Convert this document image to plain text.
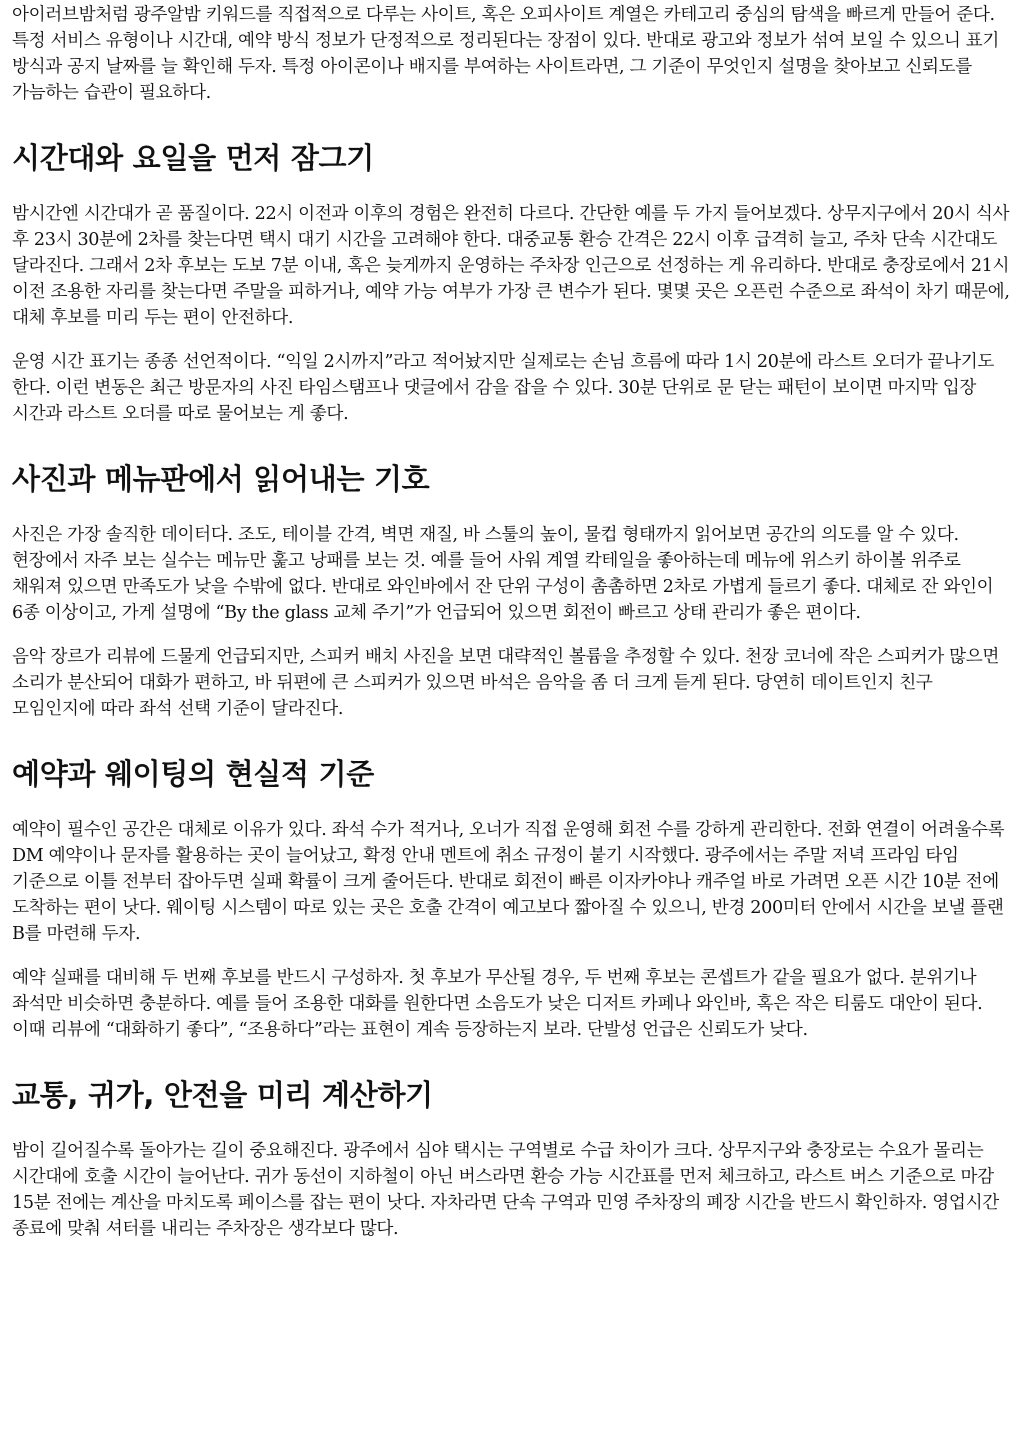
아이러브밤처럼 광주알밤 키워드를 직접적으로 다루는 사이트, 혹은 오피사이트 계열은 카테고리 중심의 탐색을 빠르게 만들어 준다. 특정 서비스 유형이나 시간대, 예약 방식 정보가 단정적으로 정리된다는 장점이 있다. 반대로 광고와 정보가 섞여 보일 수 있으니 표기 방식과 공지 날짜를 늘 확인해 두자. 특정 아이콘이나 배지를 부여하는 사이트라면, 그 기준이 무엇인지 설명을 찾아보고 신뢰도를 가늠하는 습관이 필요하다.

시간대와 요일을 먼저 잠그기

밤시간엔 시간대가 곧 품질이다. 22시 이전과 이후의 경험은 완전히 다르다. 간단한 예를 두 가지 들어보겠다. 상무지구에서 20시 식사 후 23시 30분에 2차를 찾는다면 택시 대기 시간을 고려해야 한다. 대중교통 환승 간격은 22시 이후 급격히 늘고, 주차 단속 시간대도 달라진다. 그래서 2차 후보는 도보 7분 이내, 혹은 늦게까지 운영하는 주차장 인근으로 선정하는 게 유리하다. 반대로 충장로에서 21시 이전 조용한 자리를 찾는다면 주말을 피하거나, 예약 가능 여부가 가장 큰 변수가 된다. 몇몇 곳은 오픈런 수준으로 좌석이 차기 때문에, 대체 후보를 미리 두는 편이 안전하다.

운영 시간 표기는 종종 선언적이다. “익일 2시까지”라고 적어놨지만 실제로는 손님 흐름에 따라 1시 20분에 라스트 오더가 끝나기도 한다. 이런 변동은 최근 방문자의 사진 타임스탬프나 댓글에서 감을 잡을 수 있다. 30분 단위로 문 닫는 패턴이 보이면 마지막 입장 시간과 라스트 오더를 따로 물어보는 게 좋다.

사진과 메뉴판에서 읽어내는 기호

사진은 가장 솔직한 데이터다. 조도, 테이블 간격, 벽면 재질, 바 스툴의 높이, 물컵 형태까지 읽어보면 공간의 의도를 알 수 있다. 현장에서 자주 보는 실수는 메뉴만 훑고 낭패를 보는 것. 예를 들어 사워 계열 칵테일을 좋아하는데 메뉴에 위스키 하이볼 위주로 채워져 있으면 만족도가 낮을 수밖에 없다. 반대로 와인바에서 잔 단위 구성이 촘촘하면 2차로 가볍게 들르기 좋다. 대체로 잔 와인이 6종 이상이고, 가게 설명에 “By the glass 교체 주기”가 언급되어 있으면 회전이 빠르고 상태 관리가 좋은 편이다.

음악 장르가 리뷰에 드물게 언급되지만, 스피커 배치 사진을 보면 대략적인 볼륨을 추정할 수 있다. 천장 코너에 작은 스피커가 많으면 소리가 분산되어 대화가 편하고, 바 뒤편에 큰 스피커가 있으면 바석은 음악을 좀 더 크게 듣게 된다. 당연히 데이트인지 친구 모임인지에 따라 좌석 선택 기준이 달라진다.

예약과 웨이팅의 현실적 기준

예약이 필수인 공간은 대체로 이유가 있다. 좌석 수가 적거나, 오너가 직접 운영해 회전 수를 강하게 관리한다. 전화 연결이 어려울수록 DM 예약이나 문자를 활용하는 곳이 늘어났고, 확정 안내 멘트에 취소 규정이 붙기 시작했다. 광주에서는 주말 저녁 프라임 타임 기준으로 이틀 전부터 잡아두면 실패 확률이 크게 줄어든다. 반대로 회전이 빠른 이자카야나 캐주얼 바로 가려면 오픈 시간 10분 전에 도착하는 편이 낫다. 웨이팅 시스템이 따로 있는 곳은 호출 간격이 예고보다 짧아질 수 있으니, 반경 200미터 안에서 시간을 보낼 플랜 B를 마련해 두자.

예약 실패를 대비해 두 번째 후보를 반드시 구성하자. 첫 후보가 무산될 경우, 두 번째 후보는 콘셉트가 같을 필요가 없다. 분위기나 좌석만 비슷하면 충분하다. 예를 들어 조용한 대화를 원한다면 소음도가 낮은 디저트 카페나 와인바, 혹은 작은 티룸도 대안이 된다. 이때 리뷰에 “대화하기 좋다”, “조용하다”라는 표현이 계속 등장하는지 보라. 단발성 언급은 신뢰도가 낮다.

교통, 귀가, 안전을 미리 계산하기

밤이 길어질수록 돌아가는 길이 중요해진다. 광주에서 심야 택시는 구역별로 수급 차이가 크다. 상무지구와 충장로는 수요가 몰리는 시간대에 호출 시간이 늘어난다. 귀가 동선이 지하철이 아닌 버스라면 환승 가능 시간표를 먼저 체크하고, 라스트 버스 기준으로 마감 15분 전에는 계산을 마치도록 페이스를 잡는 편이 낫다. 자차라면 단속 구역과 민영 주차장의 폐장 시간을 반드시 확인하자. 영업시간 종료에 맞춰 셔터를 내리는 주차장은 생각보다 많다.
